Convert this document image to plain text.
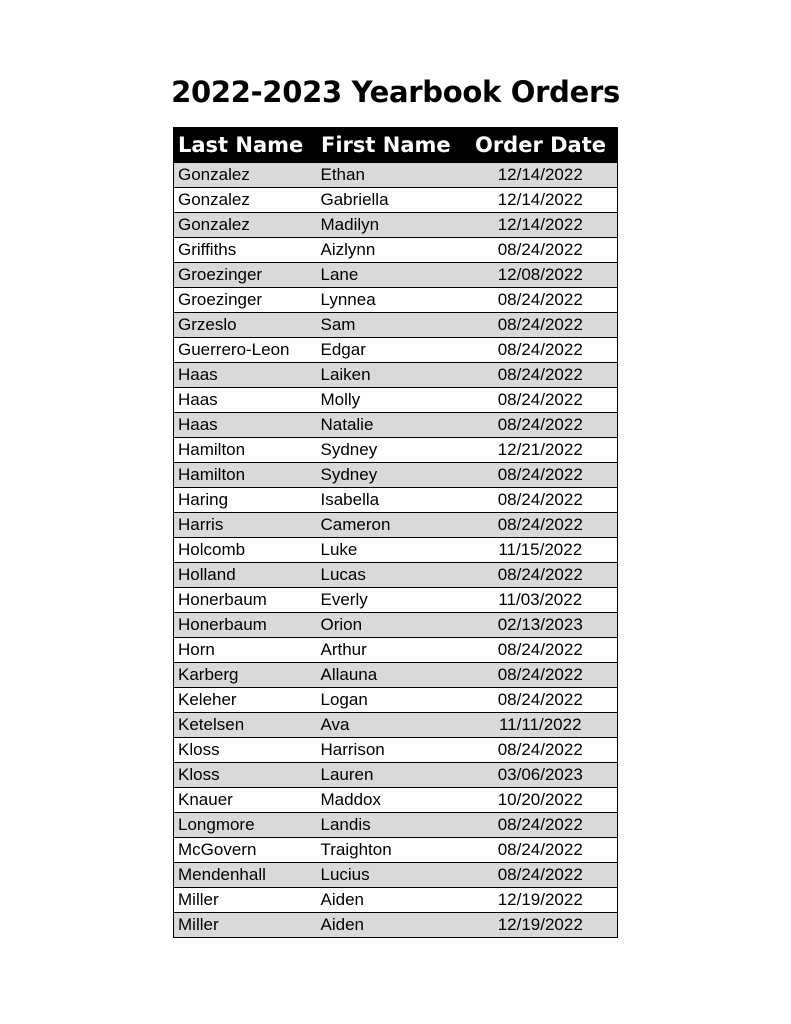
2022-2023 Yearbook Orders
Last Name	First Name	Order Date
Gonzalez	Ethan	12/14/2022
Gonzalez	Gabriella	12/14/2022
Gonzalez	Madilyn	12/14/2022
Griffiths	Aizlynn	08/24/2022
Groezinger	Lane	12/08/2022
Groezinger	Lynnea	08/24/2022
Grzeslo	Sam	08/24/2022
Guerrero-Leon	Edgar	08/24/2022
Haas	Laiken	08/24/2022
Haas	Molly	08/24/2022
Haas	Natalie	08/24/2022
Hamilton	Sydney	12/21/2022
Hamilton	Sydney	08/24/2022
Haring	Isabella	08/24/2022
Harris	Cameron	08/24/2022
Holcomb	Luke	11/15/2022
Holland	Lucas	08/24/2022
Honerbaum	Everly	11/03/2022
Honerbaum	Orion	02/13/2023
Horn	Arthur	08/24/2022
Karberg	Allauna	08/24/2022
Keleher	Logan	08/24/2022
Ketelsen	Ava	11/11/2022
Kloss	Harrison	08/24/2022
Kloss	Lauren	03/06/2023
Knauer	Maddox	10/20/2022
Longmore	Landis	08/24/2022
McGovern	Traighton	08/24/2022
Mendenhall	Lucius	08/24/2022
Miller	Aiden	12/19/2022
Miller	Aiden	12/19/2022
